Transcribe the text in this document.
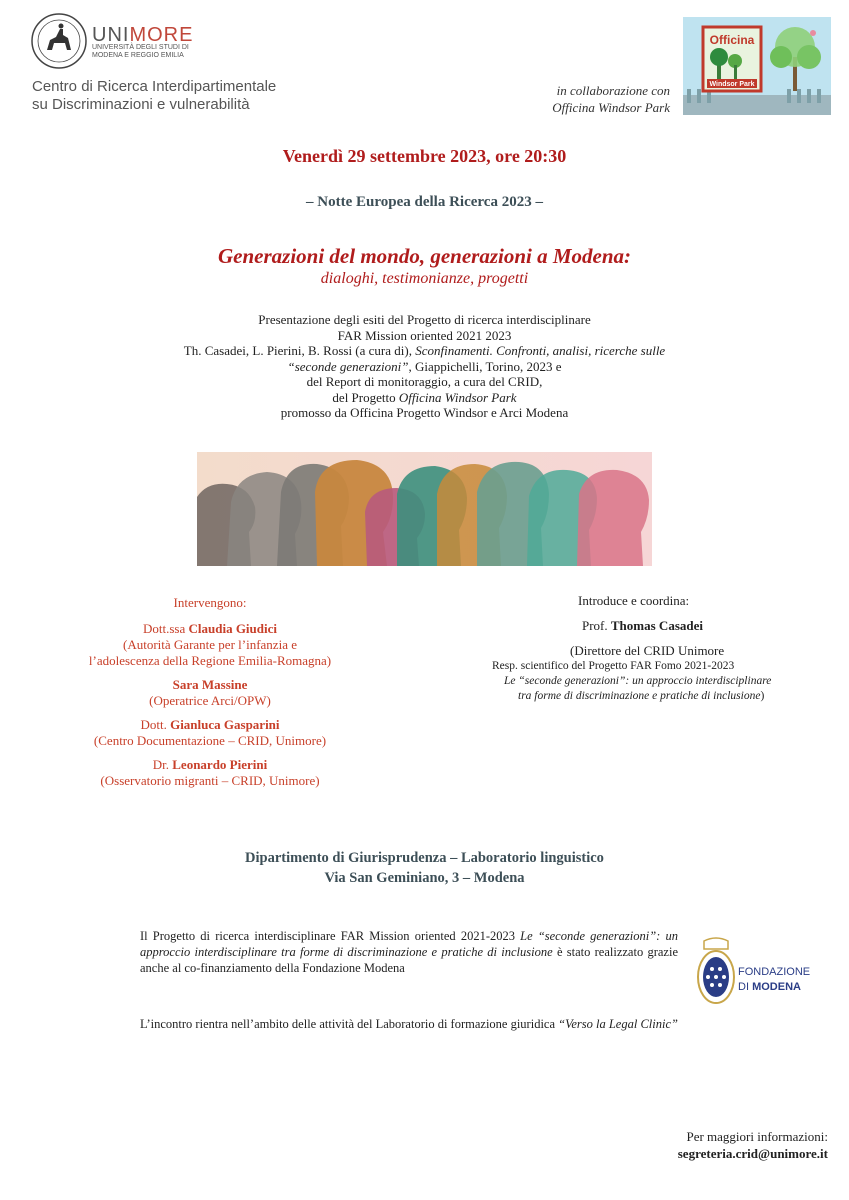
UNIMORE
UNIVERSITÀ DEGLI STUDI DI
MODENA E REGGIO EMILIA
Centro di Ricerca Interdipartimentale
su Discriminazioni e vulnerabilità
in collaborazione con
Officina Windsor Park
Officina
Windsor Park
Venerdì 29 settembre 2023, ore 20:30
– Notte Europea della Ricerca 2023 –
Generazioni del mondo, generazioni a Modena:
dialoghi, testimonianze, progetti
Presentazione degli esiti del Progetto di ricerca interdisciplinare
FAR Mission oriented 2021 2023
Th. Casadei, L. Pierini, B. Rossi (a cura di), Sconfinamenti. Confronti, analisi, ricerche sulle
“seconde generazioni”, Giappichelli, Torino, 2023 e
del Report di monitoraggio, a cura del CRID,
del Progetto Officina Windsor Park
promosso da Officina Progetto Windsor e Arci Modena

Intervengono:

Dott.ssa Claudia Giudici
(Autorità Garante per l’infanzia e
l’adolescenza della Regione Emilia-Romagna)
Sara Massine
(Operatrice Arci/OPW)
Dott. Gianluca Gasparini
(Centro Documentazione – CRID, Unimore)
Dr. Leonardo Pierini
(Osservatorio migranti – CRID, Unimore)
Introduce e coordina:
Prof. Thomas Casadei
(Direttore del CRID Unimore
Resp. scientifico del Progetto FAR Fomo 2021-2023
Le “seconde generazioni”: un approccio interdisciplinare
tra forme di discriminazione e pratiche di inclusione)
Dipartimento di Giurisprudenza – Laboratorio linguistico
Via San Geminiano, 3 – Modena
Il Progetto di ricerca interdisciplinare FAR Mission oriented 2021-2023 Le “seconde generazioni”: un approccio interdisciplinare tra forme di discriminazione e pratiche di inclusione è stato realizzato grazie anche al co-finanziamento della Fondazione Modena
L’incontro rientra nell’ambito delle attività del Laboratorio di formazione giuridica “Verso la Legal Clinic”
FONDAZIONE
DI MODENA
Per maggiori informazioni:
segreteria.crid@unimore.it
